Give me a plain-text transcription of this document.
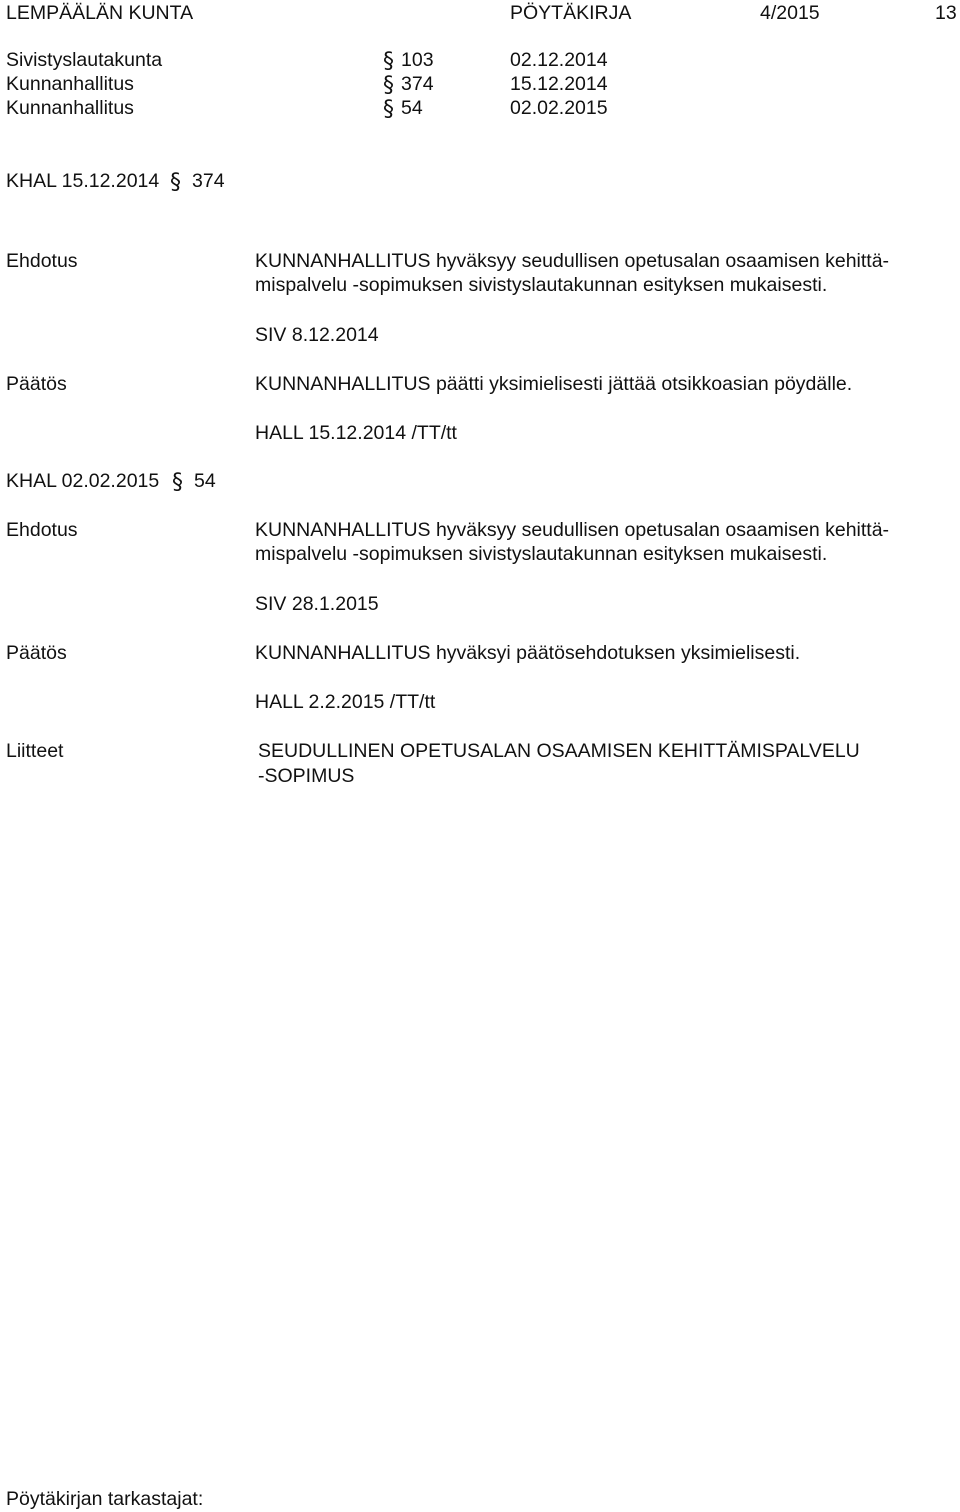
LEMPÄÄLÄN KUNTA	PÖYTÄKIRJA	4/2015	13
Sivistyslautakunta	§ 103	02.12.2014
Kunnanhallitus	§ 374	15.12.2014
Kunnanhallitus	§ 54	02.02.2015
KHAL 15.12.2014 § 374
Ehdotus	KUNNANHALLITUS hyväksyy seudullisen opetusalan osaamisen kehittä-
mispalvelu -sopimuksen sivistyslautakunnan esityksen mukaisesti.
SIV 8.12.2014
Päätös	KUNNANHALLITUS päätti yksimielisesti jättää otsikkoasian pöydälle.
HALL 15.12.2014 /TT/tt
KHAL 02.02.2015 § 54
Ehdotus	KUNNANHALLITUS hyväksyy seudullisen opetusalan osaamisen kehittä-
mispalvelu -sopimuksen sivistyslautakunnan esityksen mukaisesti.
SIV 28.1.2015
Päätös	KUNNANHALLITUS hyväksyi päätösehdotuksen yksimielisesti.
HALL 2.2.2015 /TT/tt
Liitteet	SEUDULLINEN OPETUSALAN OSAAMISEN KEHITTÄMISPALVELU
-SOPIMUS
Pöytäkirjan tarkastajat:
